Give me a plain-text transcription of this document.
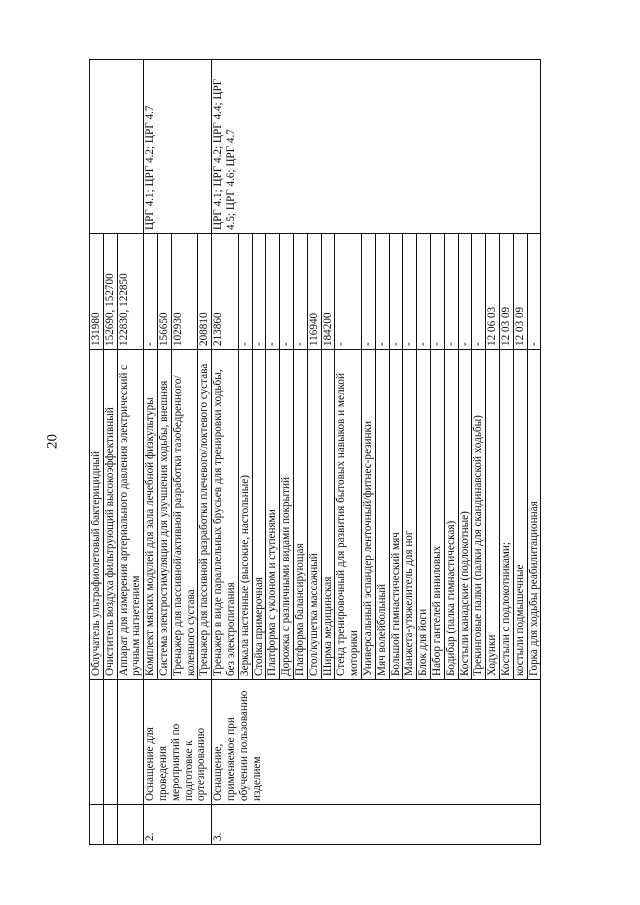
20
		Облучатель ультрафиолетовый бактерицидный	131980	
		Очиститель воздуха фильтрующий высокоэффективный	152690, 152700	
		Аппарат для измерения артериального давления электрический с ручным нагнетением	122830, 122850	
2.	Оснащение для проведения мероприятий по подготовке к ортезированию	Комплект мягких модулей для зала лечебной физкультуры	-	ЦРГ 4.1; ЦРГ 4.2; ЦРГ 4.7
		Система электростимуляции для улучшения ходьбы, внешняя	156650	
		Тренажер для пассивной/активной разработки тазобедренного/коленного сустава	102930	
		Тренажер для пассивной разработки плечевого/локтевого сустава	208810	
3.	Оснащение, применяемое при обучении пользованию изделием	Тренажер в виде параллельных брусьев для тренировки ходьбы, без электропитания	213860	ЦРГ 4.1; ЦРГ 4.2; ЦРГ 4.4; ЦРГ 4.5; ЦРГ 4.6; ЦРГ 4.7
		Зеркала настенные (высокие, настольные)	-	
		Стойка примерочная	-	
		Платформа с уклоном и ступенями	-	
		Дорожка с различными видами покрытий	-	
		Платформа балансирующая	-	
		Стол/кушетка массажный	116940	
		Ширма медицинская	184200	
		Стенд тренировочный для развития бытовых навыков и мелкой моторики	-	
		Универсальный эспандер ленточный/фитнес-резинки	-	
		Мяч волейбольный	-	
		Большой гимнастический мяч	-	
		Манжета-утяжелитель для ног	-	
		Блок для йоги	-	
		Набор гантелей виниловых	-	
		Бодибар (палка гимнастическая)	-	
		Костыли канадские (подлокотные)	-	
		Трекинговые палки (палки для скандинавской ходьбы)	-	
		Ходунки	12 06 03	
		Костыли с подлокотниками;	12 03 09	
		костыли подмышечные	12 03 09	
		Горка для ходьбы реабилитационная	-	
